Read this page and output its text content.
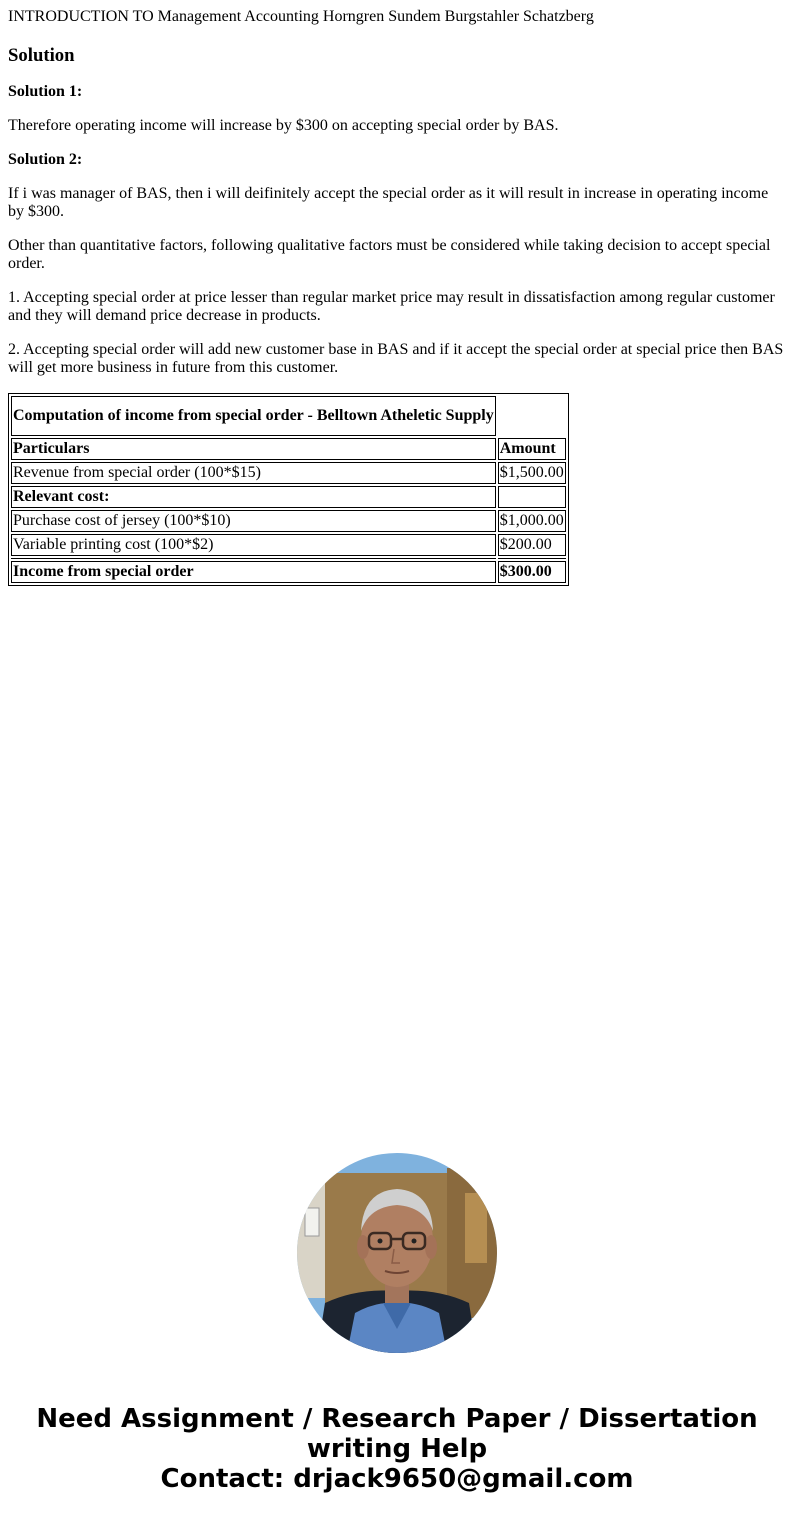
INTRODUCTION TO Management Accounting Horngren Sundem Burgstahler Schatzberg
Solution
Solution 1:

Therefore operating income will increase by $300 on accepting special order by BAS.

Solution 2:

If i was manager of BAS, then i will deifinitely accept the special order as it will result in increase in operating income by $300.

Other than quantitative factors, following qualitative factors must be considered while taking decision to accept special order.

1. Accepting special order at price lesser than regular market price may result in dissatisfaction among regular customer and they will demand price decrease in products.

2. Accepting special order will add new customer base in BAS and if it accept the special order at special price then BAS will get more business in future from this customer.

Computation of income from special order - Belltown Atheletic Supply	
Particulars	Amount
Revenue from special order (100*$15)	$1,500.00
Relevant cost:	
Purchase cost of jersey (100*$10)	$1,000.00
Variable printing cost (100*$2)	$200.00

Income from special order	$300.00
Need Assignment / Research Paper / Dissertation
writing Help
Contact: drjack9650@gmail.com
